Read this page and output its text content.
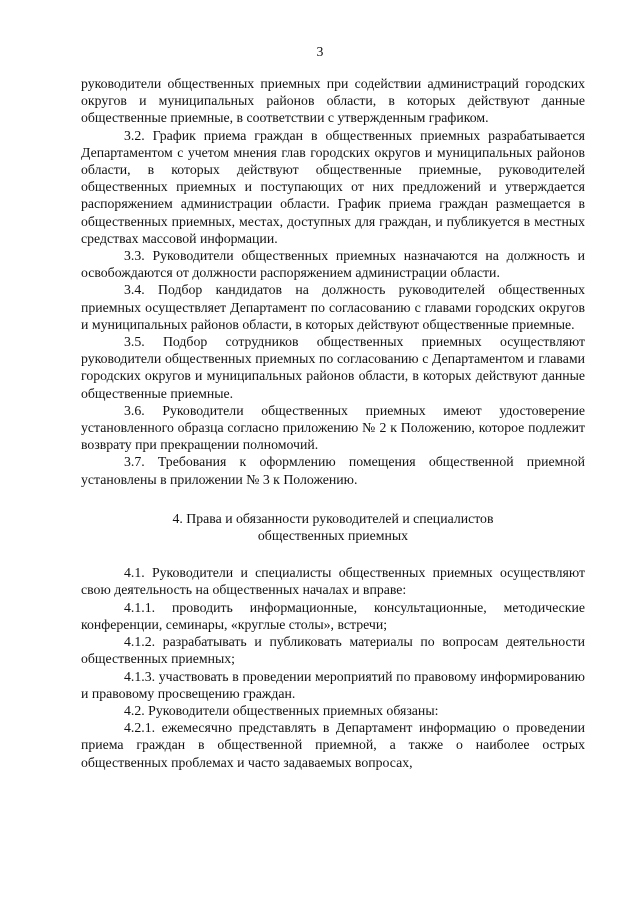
3

руководители общественных приемных при содействии администраций городских округов и муниципальных районов области, в которых действуют данные общественные приемные, в соответствии с утвержденным графиком.

3.2. График приема граждан в общественных приемных разрабатывается Департаментом с учетом мнения глав городских округов и муниципальных районов области, в которых действуют общественные приемные, руководителей общественных приемных и поступающих от них предложений и утверждается распоряжением администрации области. График приема граждан размещается в общественных приемных, местах, доступных для граждан, и публикуется в местных средствах массовой информации.

3.3. Руководители общественных приемных назначаются на должность и освобождаются от должности распоряжением администрации области.

3.4. Подбор кандидатов на должность руководителей общественных приемных осуществляет Департамент по согласованию с главами городских округов и муниципальных районов области, в которых действуют общественные приемные.

3.5. Подбор сотрудников общественных приемных осуществляют руководители общественных приемных по согласованию с Департаментом и главами городских округов и муниципальных районов области, в которых действуют данные общественные приемные.

3.6. Руководители общественных приемных имеют удостоверение установленного образца согласно приложению № 2 к Положению, которое подлежит возврату при прекращении полномочий.

3.7. Требования к оформлению помещения общественной приемной установлены в приложении № 3 к Положению.

4. Права и обязанности руководителей и специалистов
общественных приемных

4.1. Руководители и специалисты общественных приемных осуществляют свою деятельность на общественных началах и вправе:

4.1.1. проводить информационные, консультационные, методические конференции, семинары, «круглые столы», встречи;

4.1.2. разрабатывать и публиковать материалы по вопросам деятельности общественных приемных;

4.1.3. участвовать в проведении мероприятий по правовому информированию и правовому просвещению граждан.

4.2. Руководители общественных приемных обязаны:

4.2.1. ежемесячно представлять в Департамент информацию о проведении приема граждан в общественной приемной, а также о наиболее острых общественных проблемах и часто задаваемых вопросах,
